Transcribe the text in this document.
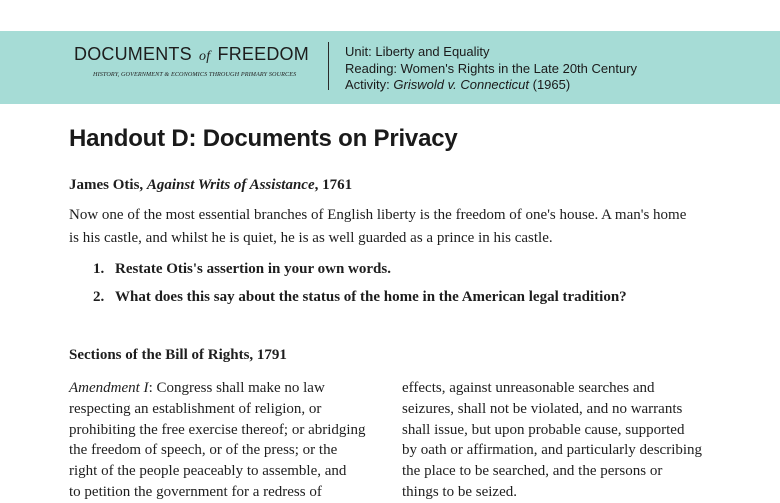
DOCUMENTS of FREEDOM
HISTORY, GOVERNMENT & ECONOMICS THROUGH PRIMARY SOURCES
Unit: Liberty and Equality
Reading: Women's Rights in the Late 20th Century
Activity: Griswold v. Connecticut (1965)
Handout D: Documents on Privacy
James Otis, Against Writs of Assistance, 1761
Now one of the most essential branches of English liberty is the freedom of one's house. A man's home
is his castle, and whilst he is quiet, he is as well guarded as a prince in his castle.
1. Restate Otis's assertion in your own words.
2. What does this say about the status of the home in the American legal tradition?
Sections of the Bill of Rights, 1791
Amendment I: Congress shall make no law
respecting an establishment of religion, or
prohibiting the free exercise thereof; or abridging
the freedom of speech, or of the press; or the
right of the people peaceably to assemble, and
to petition the government for a redress of
effects, against unreasonable searches and
seizures, shall not be violated, and no warrants
shall issue, but upon probable cause, supported
by oath or affirmation, and particularly describing
the place to be searched, and the persons or
things to be seized.
